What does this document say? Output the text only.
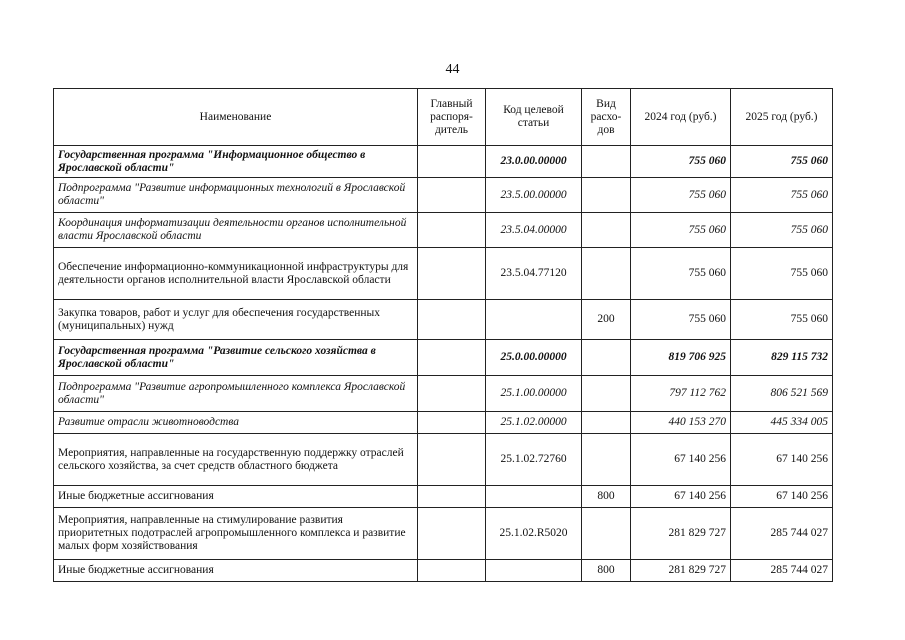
44
Наименование	Главный распоря-дитель	Код целевой статьи	Вид расхо-дов	2024 год (руб.)	2025 год (руб.)
Государственная программа "Информационное общество в Ярославской области"		23.0.00.00000		755 060	755 060
Подпрограмма "Развитие информационных технологий в Ярославской области"		23.5.00.00000		755 060	755 060
Координация информатизации деятельности органов исполнительной власти Ярославской области		23.5.04.00000		755 060	755 060
Обеспечение информационно-коммуникационной инфраструктуры для деятельности органов исполнительной власти Ярославской области		23.5.04.77120		755 060	755 060
Закупка товаров, работ и услуг для обеспечения государственных (муниципальных) нужд			200	755 060	755 060
Государственная программа "Развитие сельского хозяйства в Ярославской области"		25.0.00.00000		819 706 925	829 115 732
Подпрограмма "Развитие агропромышленного комплекса Ярославской области"		25.1.00.00000		797 112 762	806 521 569
Развитие отрасли животноводства		25.1.02.00000		440 153 270	445 334 005
Мероприятия, направленные на государственную поддержку отраслей сельского хозяйства, за счет средств областного бюджета		25.1.02.72760		67 140 256	67 140 256
Иные бюджетные ассигнования			800	67 140 256	67 140 256
Мероприятия, направленные на стимулирование развития приоритетных подотраслей агропромышленного комплекса и развитие малых форм хозяйствования		25.1.02.R5020		281 829 727	285 744 027
Иные бюджетные ассигнования			800	281 829 727	285 744 027
